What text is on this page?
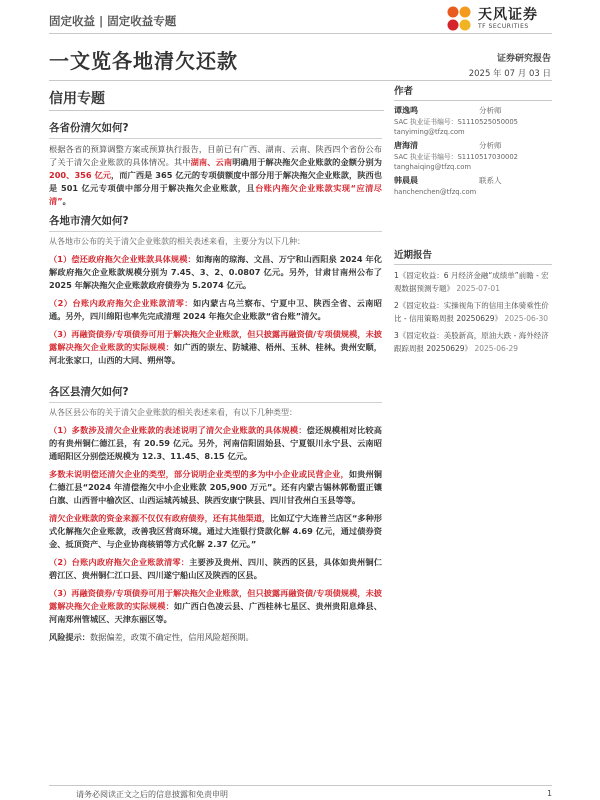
固定收益 | 固定收益专题	天风证券
TF SECURITIES
一文览各地清欠还款	证券研究报告
2025 年 07 月 03 日
信用专题
各省份清欠如何?

根据各省的预算调整方案或预算执行报告，目前已有广西、湖南、云南、陕西四个省份公布了关于清欠企业账款的具体情况。其中湖南、云南明确用于解决拖欠企业账款的金额分别为 200、356 亿元，而广西是 365 亿元的专项债额度中部分用于解决拖欠企业账款，陕西也是 501 亿元专项债中部分用于解决拖欠企业账款，且台账内拖欠企业账款实现“应清尽清”。

各地市清欠如何?

从各地市公布的关于清欠企业账款的相关表述来看，主要分为以下几种：

（1）偿还政府拖欠企业账款具体规模：如海南的琼海、文昌、万宁和山西阳泉 2024 年化解政府拖欠企业账款规模分别为 7.45、3、2、0.0807 亿元。另外，甘肃甘南州公布了 2025 年解决拖欠企业账款政府债券为 5.2074 亿元。

（2）台账内政府拖欠企业账款清零：如内蒙古乌兰察布、宁夏中卫、陕西全省、云南昭通。另外，四川绵阳也率先完成清理 2024 年拖欠企业账款“省台账”清欠。

（3）再融资债券/专项债券可用于解决拖欠企业账款，但只披露再融资债/专项债规模，未披露解决拖欠企业账款的实际规模：如广西的崇左、防城港、梧州、玉林、桂林。贵州安顺，河北张家口，山西的大同、朔州等。

各区县清欠如何?

从各区县公布的关于清欠企业账款的相关表述来看，有以下几种类型：

（1）多数涉及清欠企业账款的表述说明了清欠企业账款的具体规模：偿还规模相对比较高的有贵州铜仁德江县，有 20.59 亿元。另外，河南信阳固始县、宁夏银川永宁县、云南昭通昭阳区分别偿还规模为 12.3、11.45、8.15 亿元。

多数未说明偿还清欠企业的类型，部分说明企业类型的多为中小企业或民营企业，如贵州铜仁德江县“2024 年清偿拖欠中小企业账款 205,900 万元”。还有内蒙古锡林郭勒盟正镶白旗、山西晋中榆次区、山西运城芮城县、陕西安康宁陕县、四川甘孜州白玉县等等。

清欠企业账款的资金来源不仅仅有政府债券，还有其他渠道，比如辽宁大连普兰店区“多种形式化解拖欠企业账款，改善我区营商环境。通过大连银行贷款化解 4.69 亿元，通过债券资金、抵顶资产、与企业协商核销等方式化解 2.37 亿元。”

（2）台账内政府拖欠企业账款清零：主要涉及贵州、四川、陕西的区县，具体如贵州铜仁碧江区、贵州铜仁江口县、四川遂宁船山区及陕西的区县。

（3）再融资债券/专项债券可用于解决拖欠企业账款，但只披露再融资债/专项债规模，未披露解决拖欠企业账款的实际规模：如广西白色凌云县、广西桂林七星区、贵州贵阳息烽县、河南郑州管城区、天津东丽区等。

风险提示：数据偏差，政策不确定性，信用风险超预期。

作者
谭逸鸣	分析师
SAC 执业证书编号：S1110525050005
tanyiming@tfzq.com
唐海清	分析师
SAC 执业证书编号：S1110517030002
tanghaiqing@tfzq.com
韩晨晨	联系人
hanchenchen@tfzq.com
近期报告
1《固定收益：6 月经济金融“成绩单”前瞻 - 宏观数据预测专题》 2025-07-01
2《固定收益：实操视角下的信用主体骑乘性价比 - 信用策略周报 20250629》 2025-06-30
3《固定收益：美股新高，原油大跌 - 海外经济跟踪周报 20250629》 2025-06-29
请务必阅读正文之后的信息披露和免责申明	1
